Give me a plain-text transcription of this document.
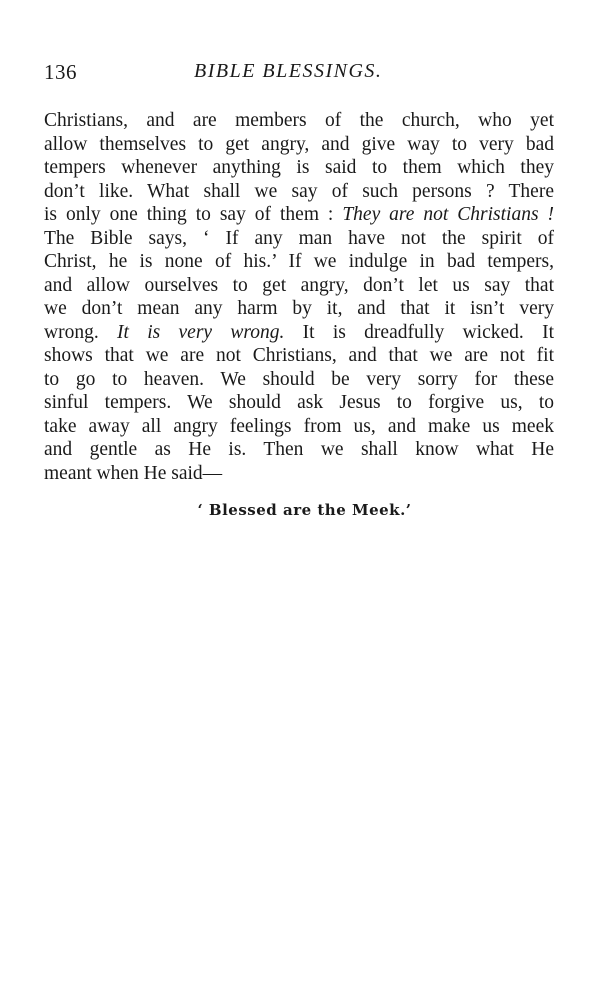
136	BIBLE BLESSINGS.
Christians, and are members of the church, who yet
allow themselves to get angry, and give way to very bad
tempers whenever anything is said to them which they
don’t like. What shall we say of such persons ? There
is only one thing to say of them : They are not Christians !
The Bible says, ‘ If any man have not the spirit of
Christ, he is none of his.’ If we indulge in bad tempers,
and allow ourselves to get angry, don’t let us say that
we don’t mean any harm by it, and that it isn’t very
wrong. It is very wrong. It is dreadfully wicked. It
shows that we are not Christians, and that we are not fit
to go to heaven. We should be very sorry for these
sinful tempers. We should ask Jesus to forgive us, to
take away all angry feelings from us, and make us meek
and gentle as He is. Then we shall know what He
meant when He said—
‘ Blessed are the Meek.’
